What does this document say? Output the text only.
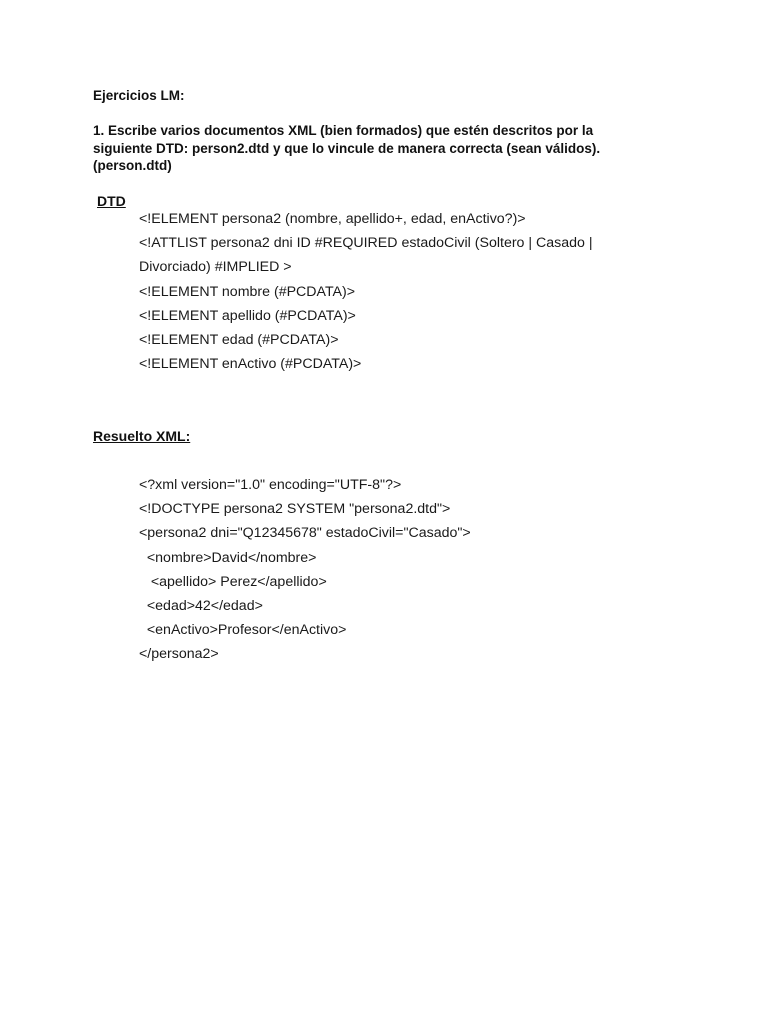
Ejercicios LM:
1. Escribe varios documentos XML (bien formados) que estén descritos por la
siguiente DTD: person2.dtd y que lo vincule de manera correcta (sean válidos).
(person.dtd)
DTD
<!ELEMENT persona2 (nombre, apellido+, edad, enActivo?)>
<!ATTLIST persona2 dni ID #REQUIRED estadoCivil (Soltero | Casado |
Divorciado) #IMPLIED >
<!ELEMENT nombre (#PCDATA)>
<!ELEMENT apellido (#PCDATA)>
<!ELEMENT edad (#PCDATA)>
<!ELEMENT enActivo (#PCDATA)>
Resuelto XML:
<?xml version="1.0" encoding="UTF-8"?>
<!DOCTYPE persona2 SYSTEM "persona2.dtd">
<persona2 dni="Q12345678" estadoCivil="Casado">
<nombre>David</nombre>
<apellido> Perez</apellido>
<edad>42</edad>
<enActivo>Profesor</enActivo>
</persona2>
